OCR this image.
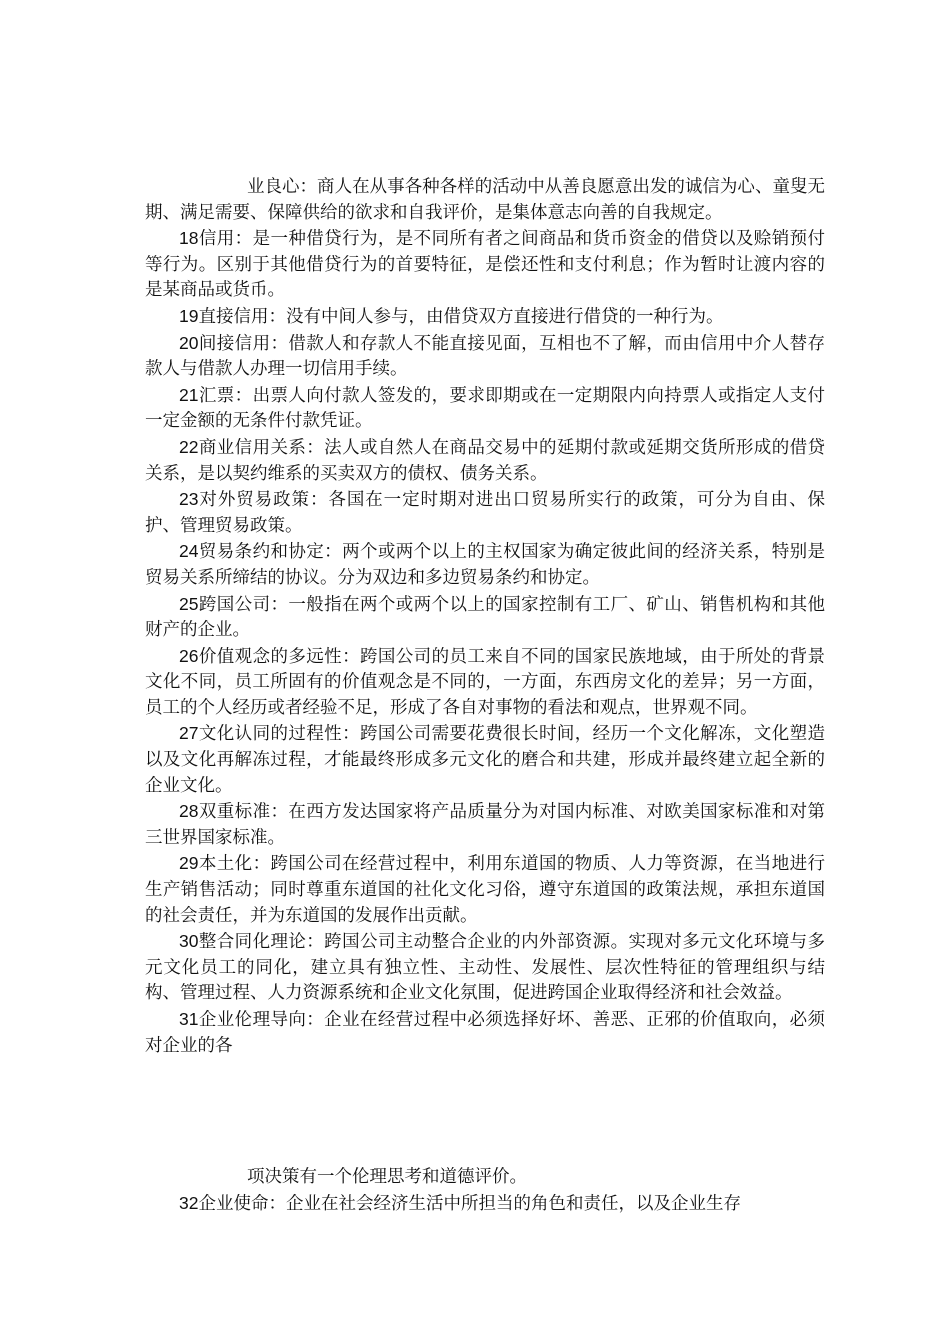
业良心：商人在从事各种各样的活动中从善良愿意出发的诚信为心、童叟无期、满足需要、保障供给的欲求和自我评价，是集体意志向善的自我规定。

18信用：是一种借贷行为，是不同所有者之间商品和货币资金的借贷以及赊销预付等行为。区别于其他借贷行为的首要特征，是偿还性和支付利息；作为暂时让渡内容的是某商品或货币。

19直接信用：没有中间人参与，由借贷双方直接进行借贷的一种行为。

20间接信用：借款人和存款人不能直接见面，互相也不了解，而由信用中介人替存款人与借款人办理一切信用手续。

21汇票：出票人向付款人签发的，要求即期或在一定期限内向持票人或指定人支付一定金额的无条件付款凭证。

22商业信用关系：法人或自然人在商品交易中的延期付款或延期交货所形成的借贷关系，是以契约维系的买卖双方的债权、债务关系。

23对外贸易政策：各国在一定时期对进出口贸易所实行的政策，可分为自由、保护、管理贸易政策。

24贸易条约和协定：两个或两个以上的主权国家为确定彼此间的经济关系，特别是贸易关系所缔结的协议。分为双边和多边贸易条约和协定。

25跨国公司：一般指在两个或两个以上的国家控制有工厂、矿山、销售机构和其他财产的企业。

26价值观念的多远性：跨国公司的员工来自不同的国家民族地域，由于所处的背景文化不同，员工所固有的价值观念是不同的，一方面，东西房文化的差异；另一方面，员工的个人经历或者经验不足，形成了各自对事物的看法和观点，世界观不同。

27文化认同的过程性：跨国公司需要花费很长时间，经历一个文化解冻，文化塑造以及文化再解冻过程，才能最终形成多元文化的磨合和共建，形成并最终建立起全新的企业文化。

28双重标准：在西方发达国家将产品质量分为对国内标准、对欧美国家标准和对第三世界国家标准。

29本土化：跨国公司在经营过程中，利用东道国的物质、人力等资源，在当地进行生产销售活动；同时尊重东道国的社化文化习俗，遵守东道国的政策法规，承担东道国的社会责任，并为东道国的发展作出贡献。

30整合同化理论：跨国公司主动整合企业的内外部资源。实现对多元文化环境与多元文化员工的同化，建立具有独立性、主动性、发展性、层次性特征的管理组织与结构、管理过程、人力资源系统和企业文化氛围，促进跨国企业取得经济和社会效益。

31企业伦理导向：企业在经营过程中必须选择好坏、善恶、正邪的价值取向，必须对企业的各

项决策有一个伦理思考和道德评价。

32企业使命：企业在社会经济生活中所担当的角色和责任，以及企业生存
